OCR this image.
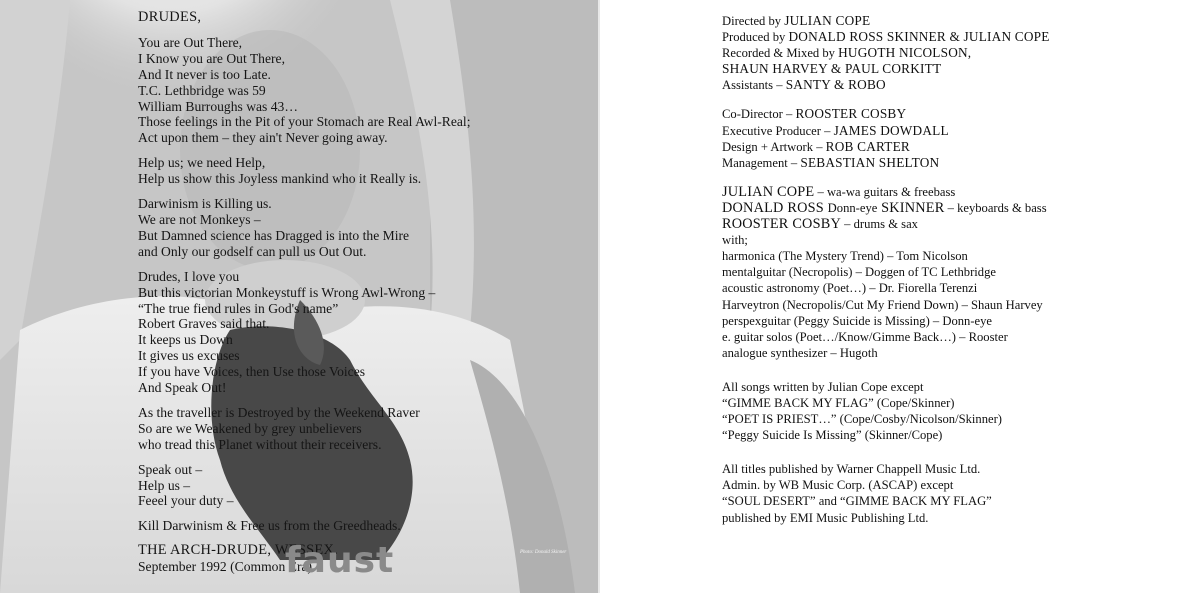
DRUDES,

You are Out There,

I Know you are Out There,

And It never is too Late.

T.C. Lethbridge was 59

William Burroughs was 43…

Those feelings in the Pit of your Stomach are Real Awl-Real;

Act upon them – they ain't Never going away.

Help us; we need Help,

Help us show this Joyless mankind who it Really is.

Darwinism is Killing us.

We are not Monkeys –

But Damned science has Dragged is into the Mire

and Only our godself can pull us Out Out.

Drudes, I love you

But this victorian Monkeystuff is Wrong Awl-Wrong –

“The true fiend rules in God's name”

Robert Graves said that.

It keeps us Down

It gives us excuses

If you have Voices, then Use those Voices

And Speak Out!

As the traveller is Destroyed by the Weekend Raver

So are we Weakened by grey unbelievers

who tread this Planet without their receivers.

Speak out –

Help us –

Feeel your duty –

Kill Darwinism & Free us from the Greedheads.

THE ARCH-DRUDE, WESSEX.

September 1992 (Common Era)

faust	Photo: Donald Skinner
Directed by JULIAN COPE
Produced by DONALD ROSS SKINNER & JULIAN COPE
Recorded & Mixed by HUGOTH NICOLSON,
SHAUN HARVEY & PAUL CORKITT
Assistants – SANTY & ROBO
Co-Director – ROOSTER COSBY
Executive Producer – JAMES DOWDALL
Design + Artwork – ROB CARTER
Management – SEBASTIAN SHELTON
JULIAN COPE – wa-wa guitars & freebass
DONALD ROSS Donn-eye SKINNER – keyboards & bass
ROOSTER COSBY – drums & sax
with;
harmonica (The Mystery Trend) – Tom Nicolson
mentalguitar (Necropolis) – Doggen of TC Lethbridge
acoustic astronomy (Poet…) – Dr. Fiorella Terenzi
Harveytron (Necropolis/Cut My Friend Down) – Shaun Harvey
perspexguitar (Peggy Suicide is Missing) – Donn-eye
e. guitar solos (Poet…/Know/Gimme Back…) – Rooster
analogue synthesizer – Hugoth
All songs written by Julian Cope except
“GIMME BACK MY FLAG” (Cope/Skinner)
“POET IS PRIEST…” (Cope/Cosby/Nicolson/Skinner)
“Peggy Suicide Is Missing” (Skinner/Cope)
All titles published by Warner Chappell Music Ltd.
Admin. by WB Music Corp. (ASCAP) except
“SOUL DESERT” and “GIMME BACK MY FLAG”
published by EMI Music Publishing Ltd.
